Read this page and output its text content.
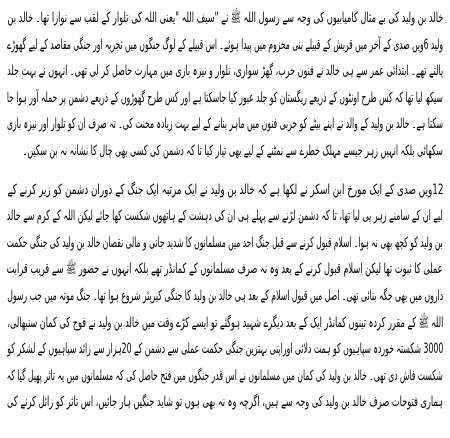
خالد بن ولید کی بے مثال کامیابیوں کی وجہ سے رسول اللہ ﷺ نے "سیف اللہ "یعنی اللہ کی تلوار کے لقب سے نوازا تھا۔ خالد بن
ولید 6ویں صدی کے آخر میں قریش کے قبیلے بنی مخزوم میں پیدا ہوئے۔ اس قبیلے کے لوگ جنگوں میں تجربہ اور جنگی مقاصد کے لیے گھوڑے
پالتے تھے۔ ابتدائی عمر سے ہی خالد نے فنون حرب، گھڑ سواری، تلوار و نیزہ بازی میں مہارت حاصل کر لی تھی۔ انہوں نے بہت جلد
سیکھ لیا تھا کہ کس طرح اونٹوں کے ذریعے ریگستان کو جلد عبور کیا جاسکتا ہے اور کس طرح گھوڑوں کے ذریعے دشمن پر حملہ آور ہوا جا
سکتا ہے۔ خالد بن ولید کے والد نے اپنے بیٹے کو حربی فنون میں ماہر بنانے کے لیے بہت زیادہ محنت کی۔ نہ صرف ان کو تلوار اور نیزہ بازی
سکھائی بلکہ انہیں زہر جیسے مہلک خطرے سے نمٹنے کے لیے بھی تیار کیا تا کہ دشمن کی کسی بھی چال کا نشانہ نہ بن سکیں۔
12ویں صدی کے ایک مورخ ابن اسکر نے لکھا ہے کہ خالد بن ولید نے ایک مرتبہ ایک جنگ کے دوران دشمن کو زیر کرنے کے
لیے ان کے سامنے زہر پی لیا تھا، تا کہ دشمن لڑنے سے پہلے ہی ان کی دہشت کے ہاتھوں شکست کھا جائے لیکن اللہ کے کرم سے خالد
بن ولید کو کچھ بھی نہ ہوا۔ اسلام قبول کرنے سے قبل جنگ احد میں مسلمانوں کا شدید جانی و مالی نقصان خالد بن ولید کی جنگی حکمت
عملی کا ثبوت تھا لیکن اسلام قبول کرنے کے بعد وہ نہ صرف مسلمانوں کے کمانڈر تھے بلکہ انہوں نے حضور ﷺ سے قریب قرابت
داروں میں بھی جگہ بنائی تھی۔ اصل میں قبول اسلام کے بعد ہی خالد بن ولید کا جنگی کیریئر شروع ہوا تھا۔ جنگ موتہ میں جب رسول
اللہ ﷺ کے مقرر کردہ تینوں کمانڈر ایک کے بعد دیگرے شہید ہوگئے تو ایسے کڑے وقت میں خالد بن ولید نے فوج کی کمان سنبھالی،
3000 شکستہ خوردہ سپاہیوں کو ہمت دلائی اوراپنی بہترین جنگی حکمت عملی سے دشمن کے 20ہزار سے زائد سپاہیوں کے لشکر کو
شکست فاش دی تھی۔ خالد بن ولید کی کمان میں مسلمانوں نے اس قدر جنگوں میں فتح حاصل کی کہ مسلمانوں میں یہ تاثر پھیل گیا کہ
ہماری فتوحات صرف خالد بن ولید کی وجہ سے ہیں، اگرچہ وہ نہ بھی ہوں تو شاید جنگیں ہار جائیں، اس تاثر کو زائل کرنے کی
